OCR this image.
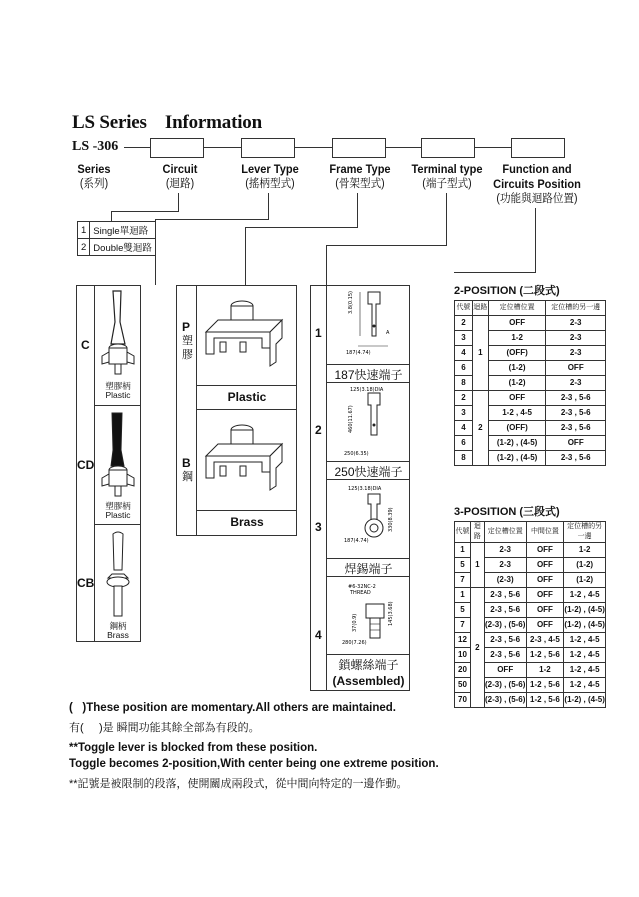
LS Series    Information
LS -306
Series
(系列)
Circuit
(迴路)
Lever Type
(搖柄型式)
Frame Type
(骨架型式)
Terminal type
(端子型式)
Function and
Circuits Position
(功能與迴路位置)
1	Single單迴路
2	Double雙迴路
C
CD
CB
塑膠柄
Plastic
塑膠柄
Plastic
鋼柄
Brass
P
塑膠
B
鋼
Plastic
Brass
1
2
3
4
3.8(0.15)
187(4.74)
A
187快速端子
125(3.18)DIA
460(11.67)
250(6.35)
250快速端子
125(3.18)DIA
187(4.74)
330(8.39)
焊錫端子
#6-32NC-2
THREAD
37(0.9)
280(7.26)
145(3.68)
鎖螺絲端子
(Assembled)
2-POSITION (二段式)
代號	迴路	定位槽位置	定位槽的另一邊
2	1	OFF	2-3
3		1-2	2-3
4		(OFF)	2-3
6		(1-2)	OFF
8		(1-2)	2-3
2	2	OFF	2-3 , 5-6
3		1-2 , 4-5	2-3 , 5-6
4		(OFF)	2-3 , 5-6
6		(1-2) , (4-5)	OFF
8		(1-2) , (4-5)	2-3 , 5-6
3-POSITION (三段式)
代號	迴路	定位槽位置	中間位置	定位槽的另一邊
1	1	2-3	OFF	1-2
5		2-3	OFF	(1-2)
7		(2-3)	OFF	(1-2)
1	2	2-3 , 5-6	OFF	1-2 , 4-5
5		2-3 , 5-6	OFF	(1-2) , (4-5)
7		(2-3) , (5-6)	OFF	(1-2) , (4-5)
12		2-3 , 5-6	2-3 , 4-5	1-2 , 4-5
10		2-3 , 5-6	1-2 , 5-6	1-2 , 4-5
20		OFF	1-2	1-2 , 4-5
50		(2-3) , (5-6)	1-2 , 5-6	1-2 , 4-5
70		(2-3) , (5-6)	1-2 , 5-6	(1-2) , (4-5)
(   )These position are momentary.All others are maintained.
有(     )是 瞬間功能其餘全部為有段的。
**Toggle lever is blocked from these position.
Toggle becomes 2-position,With center being one extreme position.
**記號是被限制的段落，使開關成兩段式，從中間向特定的一邊作動。
